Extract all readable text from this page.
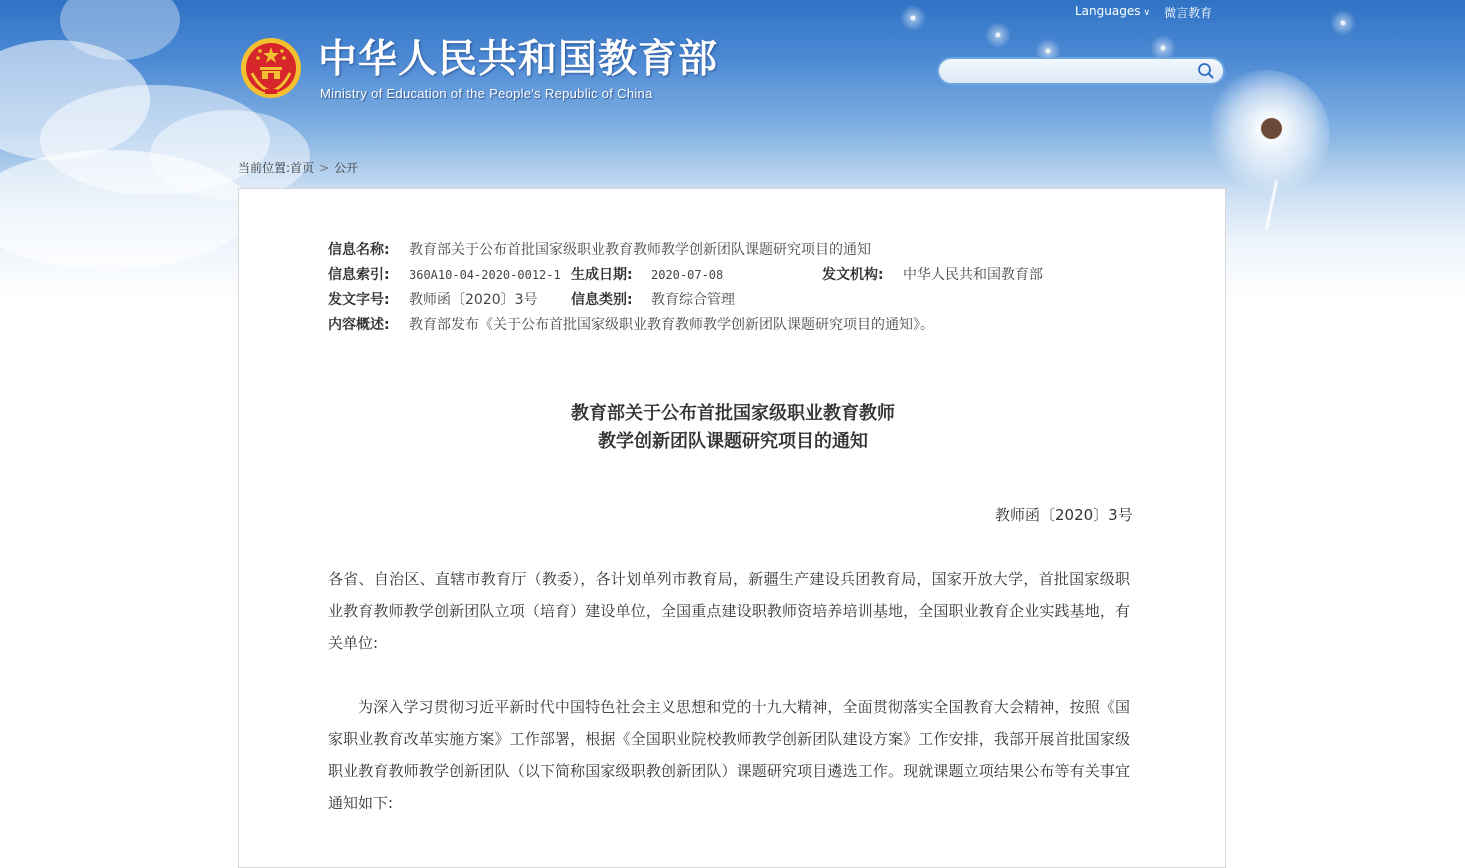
Languages ∨ 微言教育
中华人民共和国教育部
Ministry of Education of the People's Republic of China
当前位置:首页 > 公开
信息名称: 教育部关于公布首批国家级职业教育教师教学创新团队课题研究项目的通知
信息索引: 360A10-04-2020-0012-1 生成日期: 2020-07-08	发文机构: 中华人民共和国教育部
发文字号: 教师函〔2020〕3号 信息类别: 教育综合管理
内容概述: 教育部发布《关于公布首批国家级职业教育教师教学创新团队课题研究项目的通知》。
教育部关于公布首批国家级职业教育教师
教学创新团队课题研究项目的通知
教师函〔2020〕3号
各省、自治区、直辖市教育厅（教委），各计划单列市教育局，新疆生产建设兵团教育局，国家开放大学，首批国家级职业教育教师教学创新团队立项（培育）建设单位，全国重点建设职教师资培养培训基地，全国职业教育企业实践基地，有关单位:
为深入学习贯彻习近平新时代中国特色社会主义思想和党的十九大精神，全面贯彻落实全国教育大会精神，按照《国家职业教育改革实施方案》工作部署，根据《全国职业院校教师教学创新团队建设方案》工作安排，我部开展首批国家级职业教育教师教学创新团队（以下简称国家级职教创新团队）课题研究项目遴选工作。现就课题立项结果公布等有关事宜通知如下:
